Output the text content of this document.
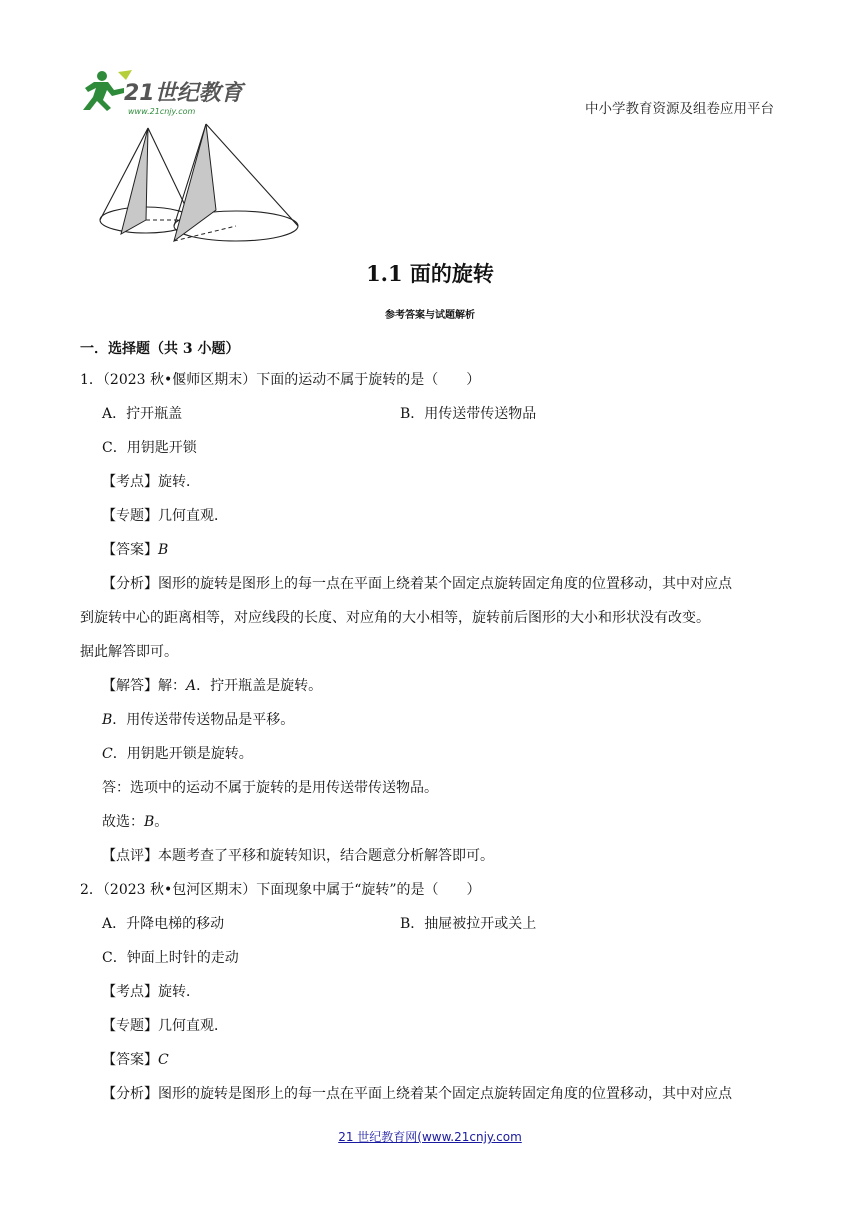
21世纪教育
www.21cnjy.com	中小学教育资源及组卷应用平台
1.1 面的旋转
参考答案与试题解析
一．选择题（共 3 小题）
1．（2023 秋•偃师区期末）下面的运动不属于旋转的是（　　）
A．拧开瓶盖	B．用传送带传送物品
C．用钥匙开锁
【考点】旋转．
【专题】几何直观．
【答案】B
【分析】图形的旋转是图形上的每一点在平面上绕着某个固定点旋转固定角度的位置移动，其中对应点
到旋转中心的距离相等，对应线段的长度、对应角的大小相等，旋转前后图形的大小和形状没有改变。
据此解答即可。
【解答】解：A．拧开瓶盖是旋转。
B．用传送带传送物品是平移。
C．用钥匙开锁是旋转。
答：选项中的运动不属于旋转的是用传送带传送物品。
故选：B。
【点评】本题考查了平移和旋转知识，结合题意分析解答即可。
2．（2023 秋•包河区期末）下面现象中属于“旋转”的是（　　）
A．升降电梯的移动	B．抽屉被拉开或关上
C．钟面上时针的走动
【考点】旋转．
【专题】几何直观．
【答案】C
【分析】图形的旋转是图形上的每一点在平面上绕着某个固定点旋转固定角度的位置移动，其中对应点
21 世纪教育网(www.21cnjy.com
